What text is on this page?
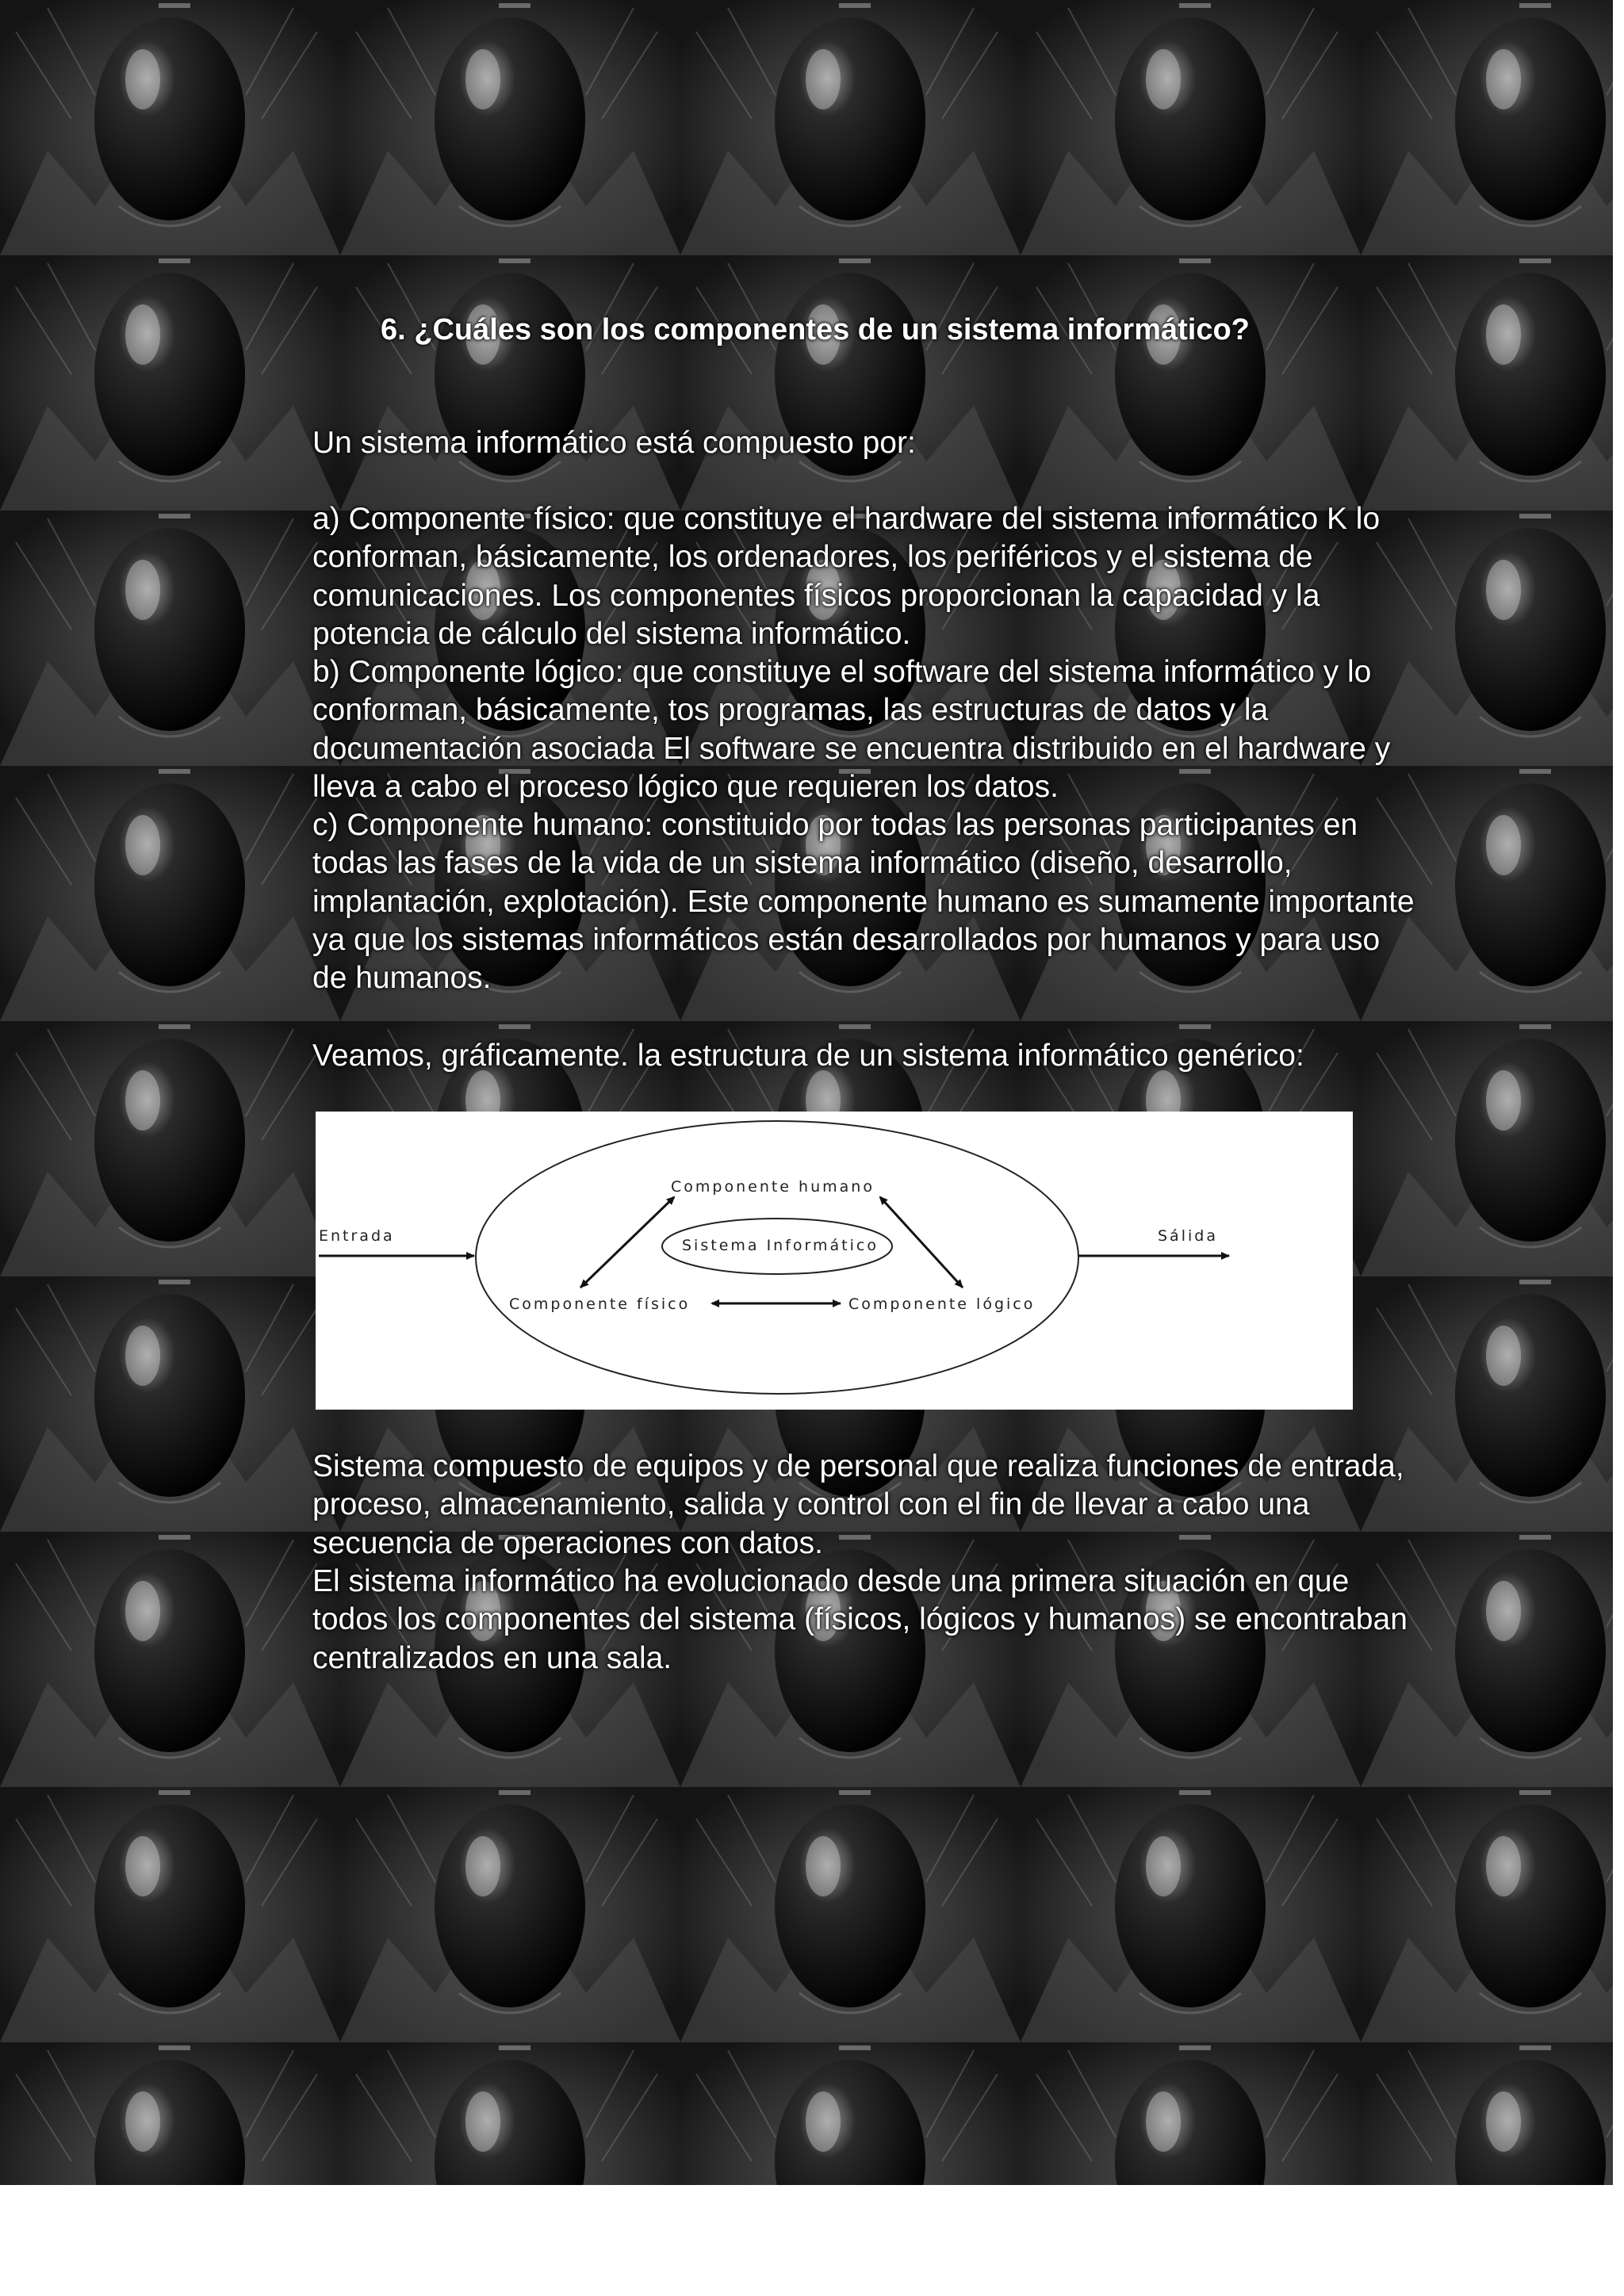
6. ¿Cuáles son los componentes de un sistema informático?

Un sistema informático está compuesto por:

a) Componente físico: que constituye el hardware del sistema informático K lo conforman, básicamente, los ordenadores, los periféricos y el sistema de comunicaciones. Los componentes físicos proporcionan la capacidad y la potencia de cálculo del sistema informático.

b) Componente lógico: que constituye el software del sistema informático y lo conforman, básicamente, tos programas, las estructuras de datos y la documentación asociada El software se encuentra distribuido en el hardware y lleva a cabo el proceso lógico que requieren los datos.

c) Componente humano: constituido por todas las personas participantes en todas las fases de la vida de un sistema informático (diseño, desarrollo, implantación, explotación). Este componente humano es sumamente importante ya que los sistemas informáticos están desarrollados por humanos y para uso de humanos.

Veamos, gráficamente. la estructura de un sistema informático genérico:

Entrada	Sálida
Componente humano
Sistema Informático
Componente físico	Componente lógico

Sistema compuesto de equipos y de personal que realiza funciones de entrada, proceso, almacenamiento, salida y control con el fin de llevar a cabo una secuencia de operaciones con datos.

El sistema informático ha evolucionado desde una primera situación en que todos los componentes del sistema (físicos, lógicos y humanos) se encontraban centralizados en una sala.
